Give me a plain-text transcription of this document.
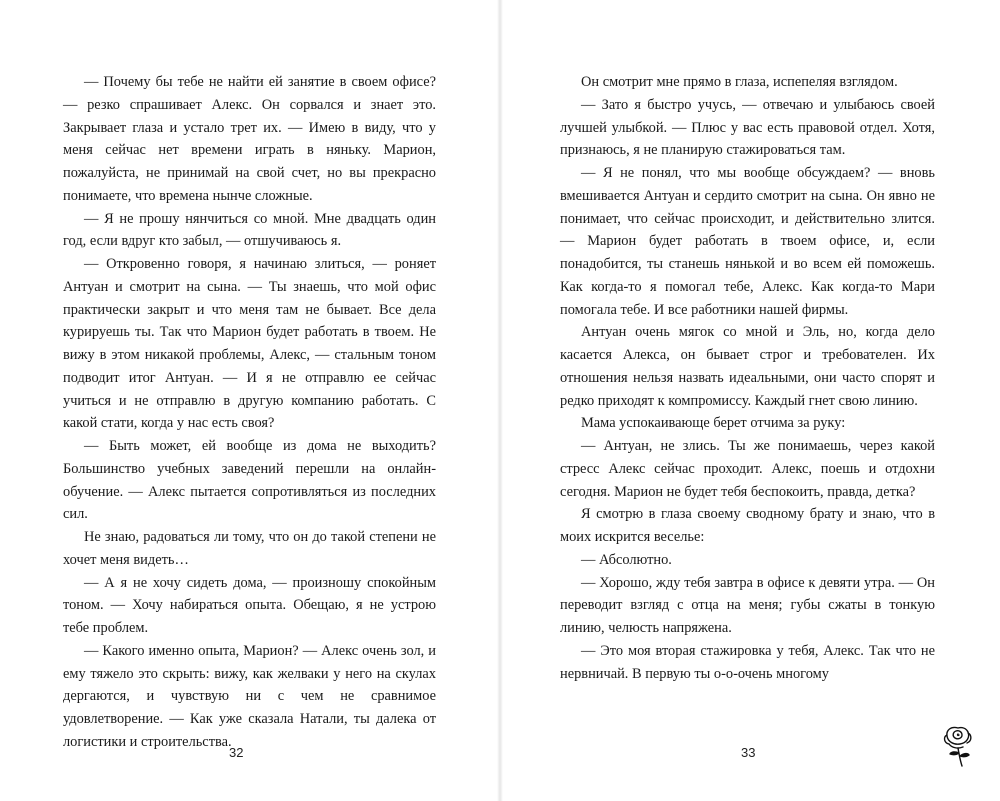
— Почему бы тебе не найти ей занятие в своем офисе? — резко спрашивает Алекс. Он сорвался и знает это. Закрывает глаза и устало трет их. — Имею в виду, что у меня сейчас нет времени играть в няньку. Марион, пожалуйста, не принимай на свой счет, но вы прекрасно понимаете, что времена нынче сложные.

— Я не прошу нянчиться со мной. Мне двадцать один год, если вдруг кто забыл, — отшучиваюсь я.

— Откровенно говоря, я начинаю злиться, — роняет Антуан и смотрит на сына. — Ты знаешь, что мой офис практически закрыт и что меня там не бывает. Все дела курируешь ты. Так что Марион будет работать в твоем. Не вижу в этом никакой проблемы, Алекс, — стальным тоном подводит итог Антуан. — И я не отправлю ее сейчас учиться и не отправлю в другую компанию работать. С какой стати, когда у нас есть своя?

— Быть может, ей вообще из дома не выходить? Большинство учебных заведений перешли на онлайн-обучение. — Алекс пытается сопротивляться из последних сил.

Не знаю, радоваться ли тому, что он до такой степени не хочет меня видеть…

— А я не хочу сидеть дома, — произношу спокойным тоном. — Хочу набираться опыта. Обещаю, я не устрою тебе проблем.

— Какого именно опыта, Марион? — Алекс очень зол, и ему тяжело это скрыть: вижу, как желваки у него на скулах дергаются, и чувствую ни с чем не сравнимое удовлетворение. — Как уже сказала Натали, ты далека от логистики и строительства.

Он смотрит мне прямо в глаза, испепеляя взглядом.

— Зато я быстро учусь, — отвечаю и улыбаюсь своей лучшей улыбкой. — Плюс у вас есть правовой отдел. Хотя, признаюсь, я не планирую стажироваться там.

— Я не понял, что мы вообще обсуждаем? — вновь вмешивается Антуан и сердито смотрит на сына. Он явно не понимает, что сейчас происходит, и действительно злится. — Марион будет работать в твоем офисе, и, если понадобится, ты станешь нянькой и во всем ей поможешь. Как когда-то я помогал тебе, Алекс. Как когда-то Мари помогала тебе. И все работники нашей фирмы.

Антуан очень мягок со мной и Эль, но, когда дело касается Алекса, он бывает строг и требователен. Их отношения нельзя назвать идеальными, они часто спорят и редко приходят к компромиссу. Каждый гнет свою линию.

Мама успокаивающе берет отчима за руку:

— Антуан, не злись. Ты же понимаешь, через какой стресс Алекс сейчас проходит. Алекс, поешь и отдохни сегодня. Марион не будет тебя беспокоить, правда, детка?

Я смотрю в глаза своему сводному брату и знаю, что в моих искрится веселье:

— Абсолютно.

— Хорошо, жду тебя завтра в офисе к девяти утра. — Он переводит взгляд с отца на меня; губы сжаты в тонкую линию, челюсть напряжена.

— Это моя вторая стажировка у тебя, Алекс. Так что не нервничай. В первую ты о-о-очень многому

32	33
